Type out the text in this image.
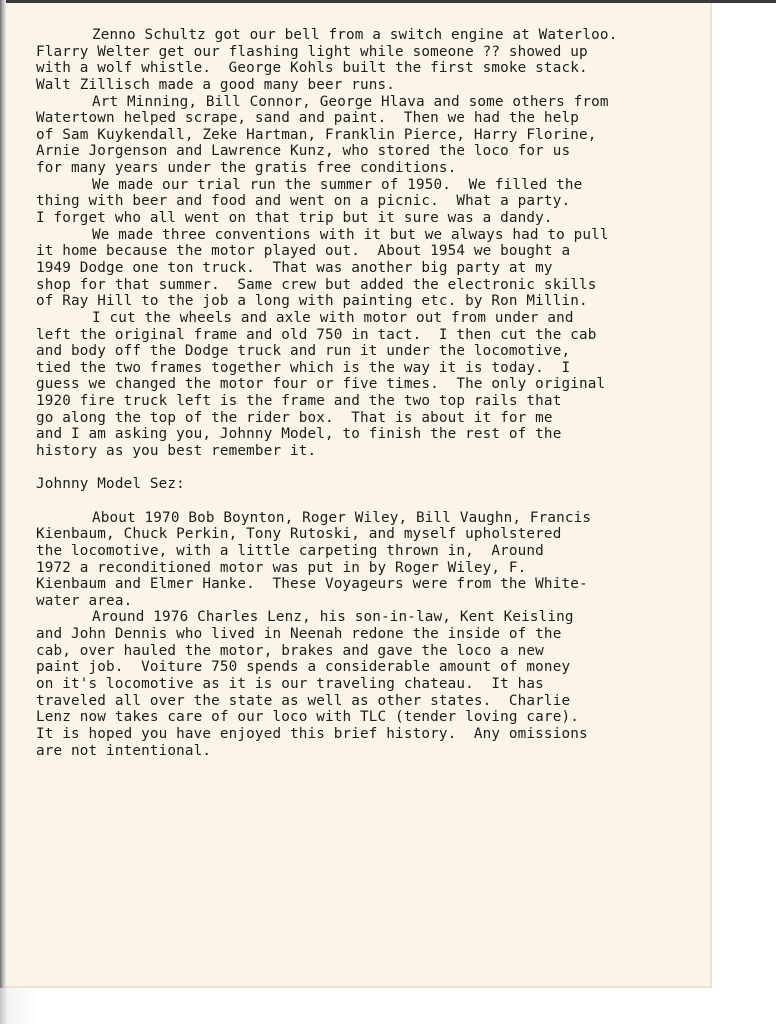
Zenno Schultz got our bell from a switch engine at Waterloo.
Flarry Welter get our flashing light while someone ?? showed up
with a wolf whistle.  George Kohls built the first smoke stack.
Walt Zillisch made a good many beer runs.
Art Minning, Bill Connor, George Hlava and some others from
Watertown helped scrape, sand and paint.  Then we had the help
of Sam Kuykendall, Zeke Hartman, Franklin Pierce, Harry Florine,
Arnie Jorgenson and Lawrence Kunz, who stored the loco for us
for many years under the gratis free conditions.
We made our trial run the summer of 1950.  We filled the
thing with beer and food and went on a picnic.  What a party.
I forget who all went on that trip but it sure was a dandy.
We made three conventions with it but we always had to pull
it home because the motor played out.  About 1954 we bought a
1949 Dodge one ton truck.  That was another big party at my
shop for that summer.  Same crew but added the electronic skills
of Ray Hill to the job a long with painting etc. by Ron Millin.
I cut the wheels and axle with motor out from under and
left the original frame and old 750 in tact.  I then cut the cab
and body off the Dodge truck and run it under the locomotive,
tied the two frames together which is the way it is today.  I
guess we changed the motor four or five times.  The only original
1920 fire truck left is the frame and the two top rails that
go along the top of the rider box.  That is about it for me
and I am asking you, Johnny Model, to finish the rest of the
history as you best remember it.
Johnny Model Sez:
About 1970 Bob Boynton, Roger Wiley, Bill Vaughn, Francis
Kienbaum, Chuck Perkin, Tony Rutoski, and myself upholstered
the locomotive, with a little carpeting thrown in,  Around
1972 a reconditioned motor was put in by Roger Wiley, F.
Kienbaum and Elmer Hanke.  These Voyageurs were from the White-
water area.
Around 1976 Charles Lenz, his son-in-law, Kent Keisling
and John Dennis who lived in Neenah redone the inside of the
cab, over hauled the motor, brakes and gave the loco a new
paint job.  Voiture 750 spends a considerable amount of money
on it's locomotive as it is our traveling chateau.  It has
traveled all over the state as well as other states.  Charlie
Lenz now takes care of our loco with TLC (tender loving care).
It is hoped you have enjoyed this brief history.  Any omissions
are not intentional.
